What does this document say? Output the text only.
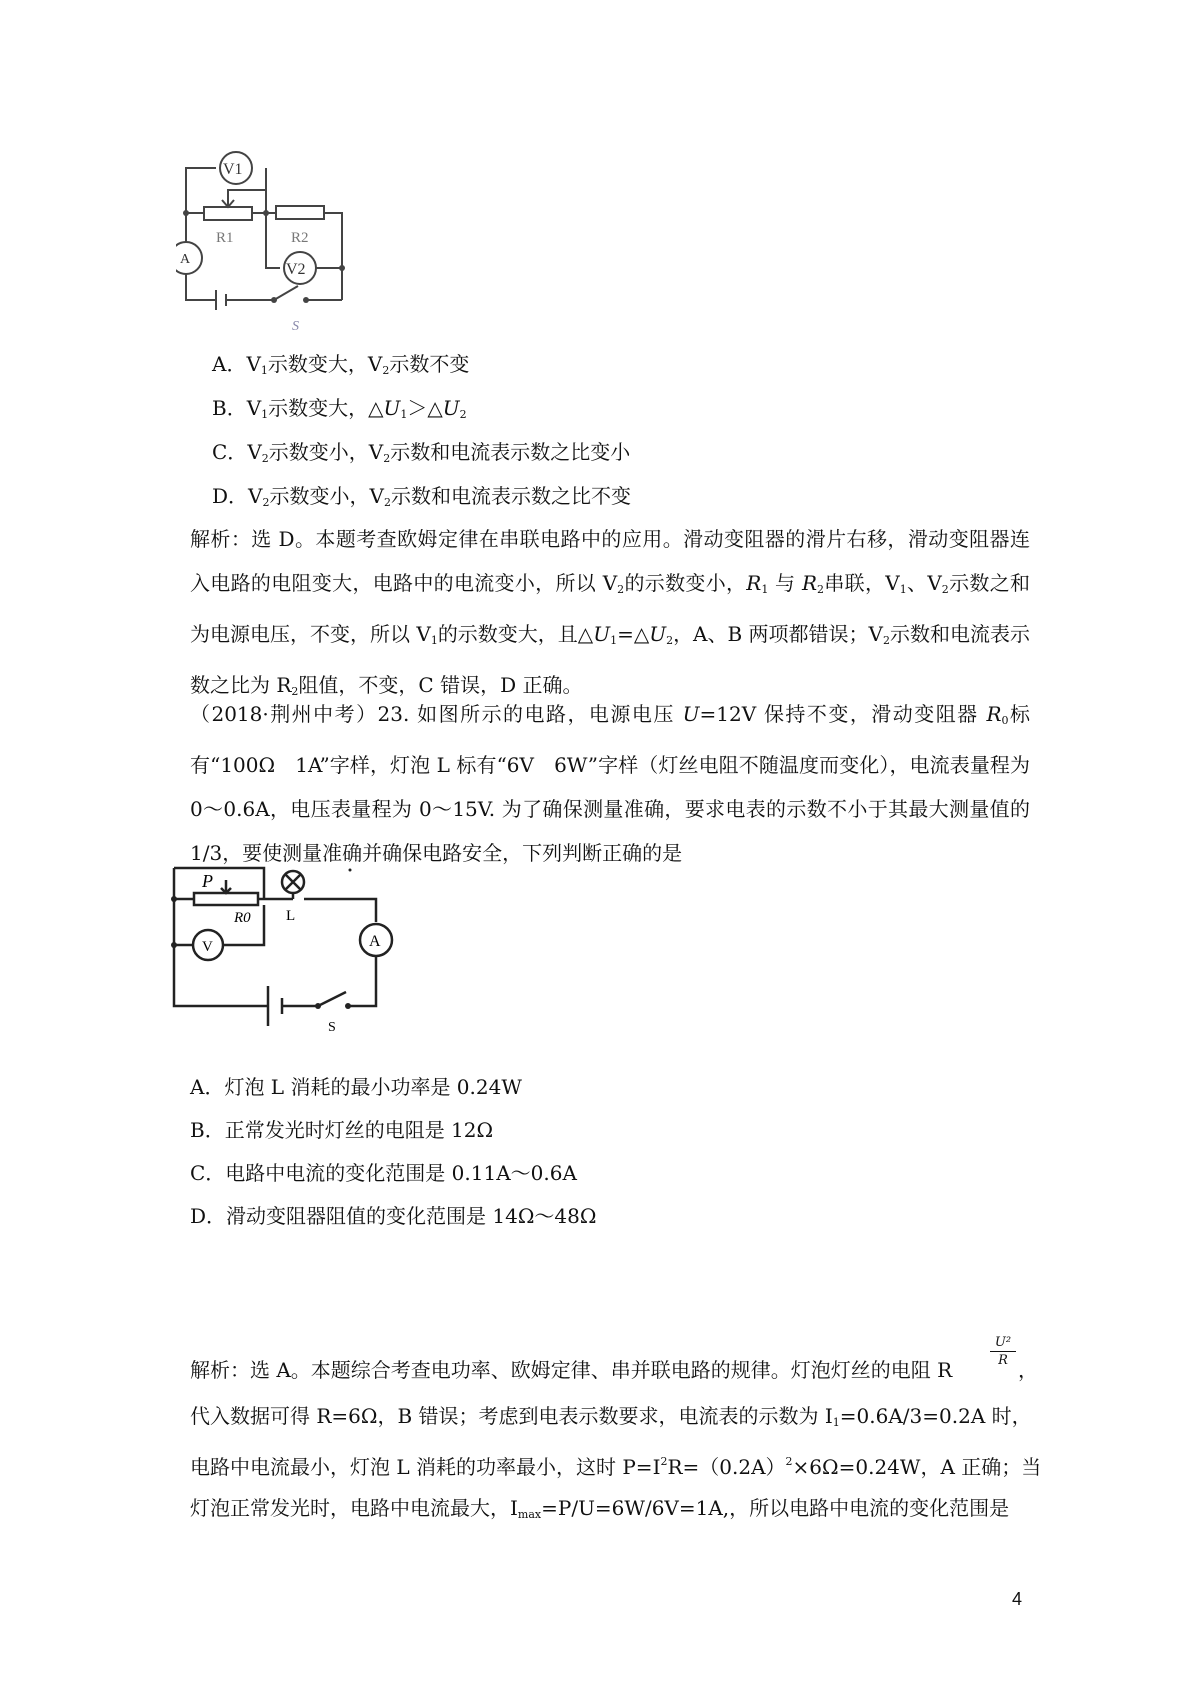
V1
V2
A
R1	R2
S
A．$V_1$示数变大，$V_2$示数不变
B．$V_1$示数变大，$\triangle U_1>\triangle U_2$
C．$V_2$示数变小，$V_2$示数和电流表示数之比变小
D．$V_2$示数变小，$V_2$示数和电流表示数之比不变
解析：选 D。本题考查欧姆定律在串联电路中的应用。滑动变阻器的滑片右移，滑动变阻器连入电路的电阻变大，电路中的电流变小，所以 $V_2$的示数变小，$R_1$ 与 $R_2$串联，$V_1$、$V_2$示数之和为电源电压，不变，所以 $V_1$的示数变大，且$\triangle U_1=\triangle U_2$，A、B 两项都错误；$V_2$示数和电流表示数之比为 $R_2$阻值，不变，C 错误，D 正确。
（2018·荆州中考）23. 如图所示的电路，电源电压 U=12V 保持不变，滑动变阻器 $R_0$标有“100Ω　1A”字样，灯泡 L 标有“6V　6W”字样（灯丝电阻不随温度而变化），电流表量程为 0～0.6A，电压表量程为 0～15V. 为了确保测量准确，要求电表的示数不小于其最大测量值的 1/3，要使测量准确并确保电路安全，下列判断正确的是
P
R0 L
V	A
S
A．灯泡 L 消耗的最小功率是 0.24W
B．正常发光时灯丝的电阻是 12Ω
C．电路中电流的变化范围是 0.11A～0.6A
D．滑动变阻器阻值的变化范围是 14Ω～48Ω
解析：选 A。本题综合考查电功率、欧姆定律、串并联电路的规律。灯泡灯丝的电阻 R
U²
R ，
代入数据可得 R=6Ω，B 错误；考虑到电表示数要求，电流表的示数为 $I_1=0.6A/3=0.2A$ 时，
电路中电流最小，灯泡 L 消耗的功率最小，这时 $P=I^2R=(0.2A)^2\times 6\Omega=0.24W$，A 正确；当
灯泡正常发光时，电路中电流最大，$I_{max}=P/U=6W/6V=1A$,，所以电路中电流的变化范围是
4
